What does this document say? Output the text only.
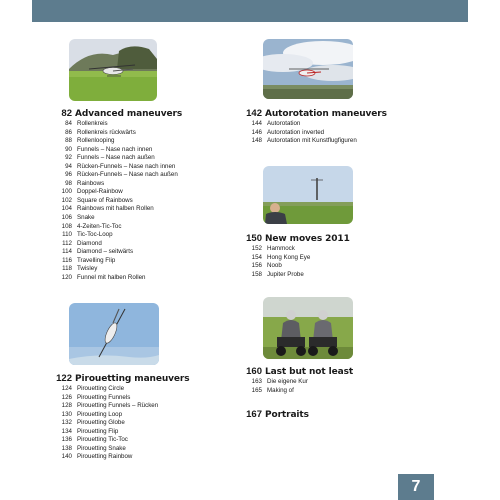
82 Advanced maneuvers
84 Rollenkreis
86 Rollenkreis rückwärts
88 Rollenlooping
90 Funnels – Nase nach innen
92 Funnels – Nase nach außen
94 Rücken-Funnels – Nase nach innen
96 Rücken-Funnels – Nase nach außen
98 Rainbows
100 Doppel-Rainbow
102 Square of Rainbows
104 Rainbows mit halben Rollen
106 Snake
108 4-Zeiten-Tic-Toc
110 Tic-Toc-Loop
112 Diamond
114 Diamond – seitwärts
116 Travelling Flip
118 Twisley
120 Funnel mit halben Rollen
122 Pirouetting maneuvers
124 Pirouetting Circle
126 Pirouetting Funnels
128 Pirouetting Funnels – Rücken
130 Pirouetting Loop
132 Pirouetting Globe
134 Pirouetting Flip
136 Pirouetting Tic-Toc
138 Pirouetting Snake
140 Pirouetting Rainbow
142 Autorotation maneuvers
144 Autorotation
146 Autorotation inverted
148 Autorotation mit Kunstflugfiguren
150 New moves 2011
152 Hammock
154 Hong Kong Eye
156 Noob
158 Jupiter Probe
160 Last but not least
163 Die eigene Kur
165 Making of
167 Portraits
7
